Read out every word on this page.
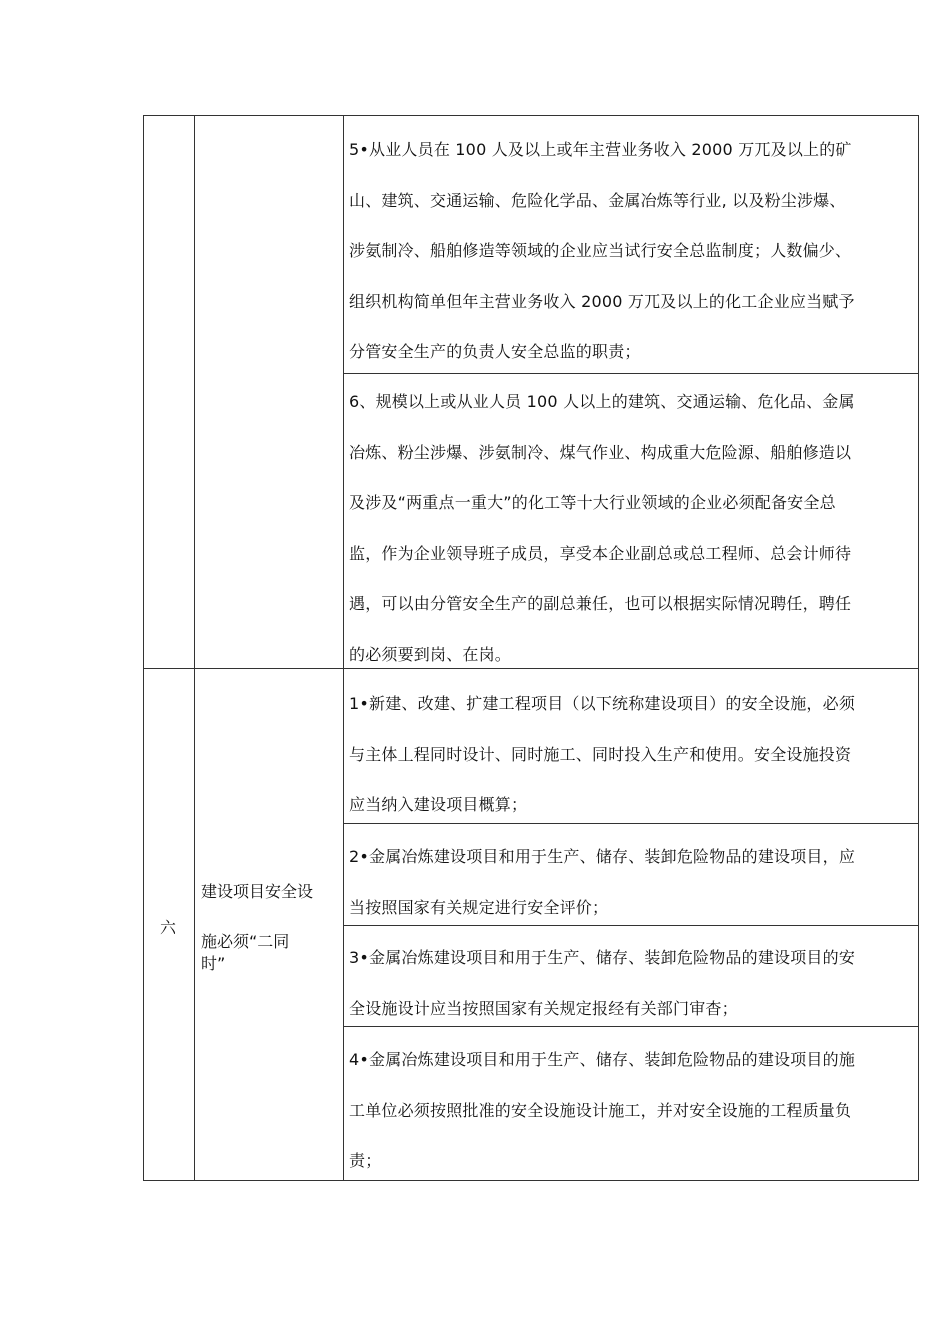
5•从业人员在 100 人及以上或年主营业务收入 2000 万兀及以上的矿
山、建筑、交通运输、危险化学品、金属冶炼等行业, 以及粉尘涉爆、
涉氨制冷、船舶修造等领域的企业应当试行安全总监制度；人数偏少、
组织机构简单但年主营业务收入 2000 万兀及以上的化工企业应当赋予
分管安全生产的负责人安全总监的职责；
6、规模以上或从业人员 100 人以上的建筑、交通运输、危化品、金属
冶炼、粉尘涉爆、涉氨制冷、煤气作业、构成重大危险源、船舶修造以
及涉及“两重点一重大”的化工等十大行业领域的企业必须配备安全总
监，作为企业领导班子成员，享受本企业副总或总工程师、总会计师待
遇，可以由分管安全生产的副总兼任，也可以根据实际情况聘任，聘任
的必须要到岗、在岗。
六
建设项目安全设
施必须“二同
时”
1•新建、改建、扩建工程项目（以下统称建设项目）的安全设施，必须
与主体丄程同时设计、同时施工、同时投入生产和使用。安全设施投资
应当纳入建设项目概算；
2•金属冶炼建设项目和用于生产、储存、装卸危险物品的建设项目，应
当按照国家有关规定进行安全评价；
3•金属冶炼建设项目和用于生产、储存、装卸危险物品的建设项目的安
全设施设计应当按照国家有关规定报经有关部门审杳；
4•金属冶炼建设项目和用于生产、储存、装卸危险物品的建设项目的施
工单位必须按照批准的安全设施设计施工，并对安全设施的工程质量负
责；
